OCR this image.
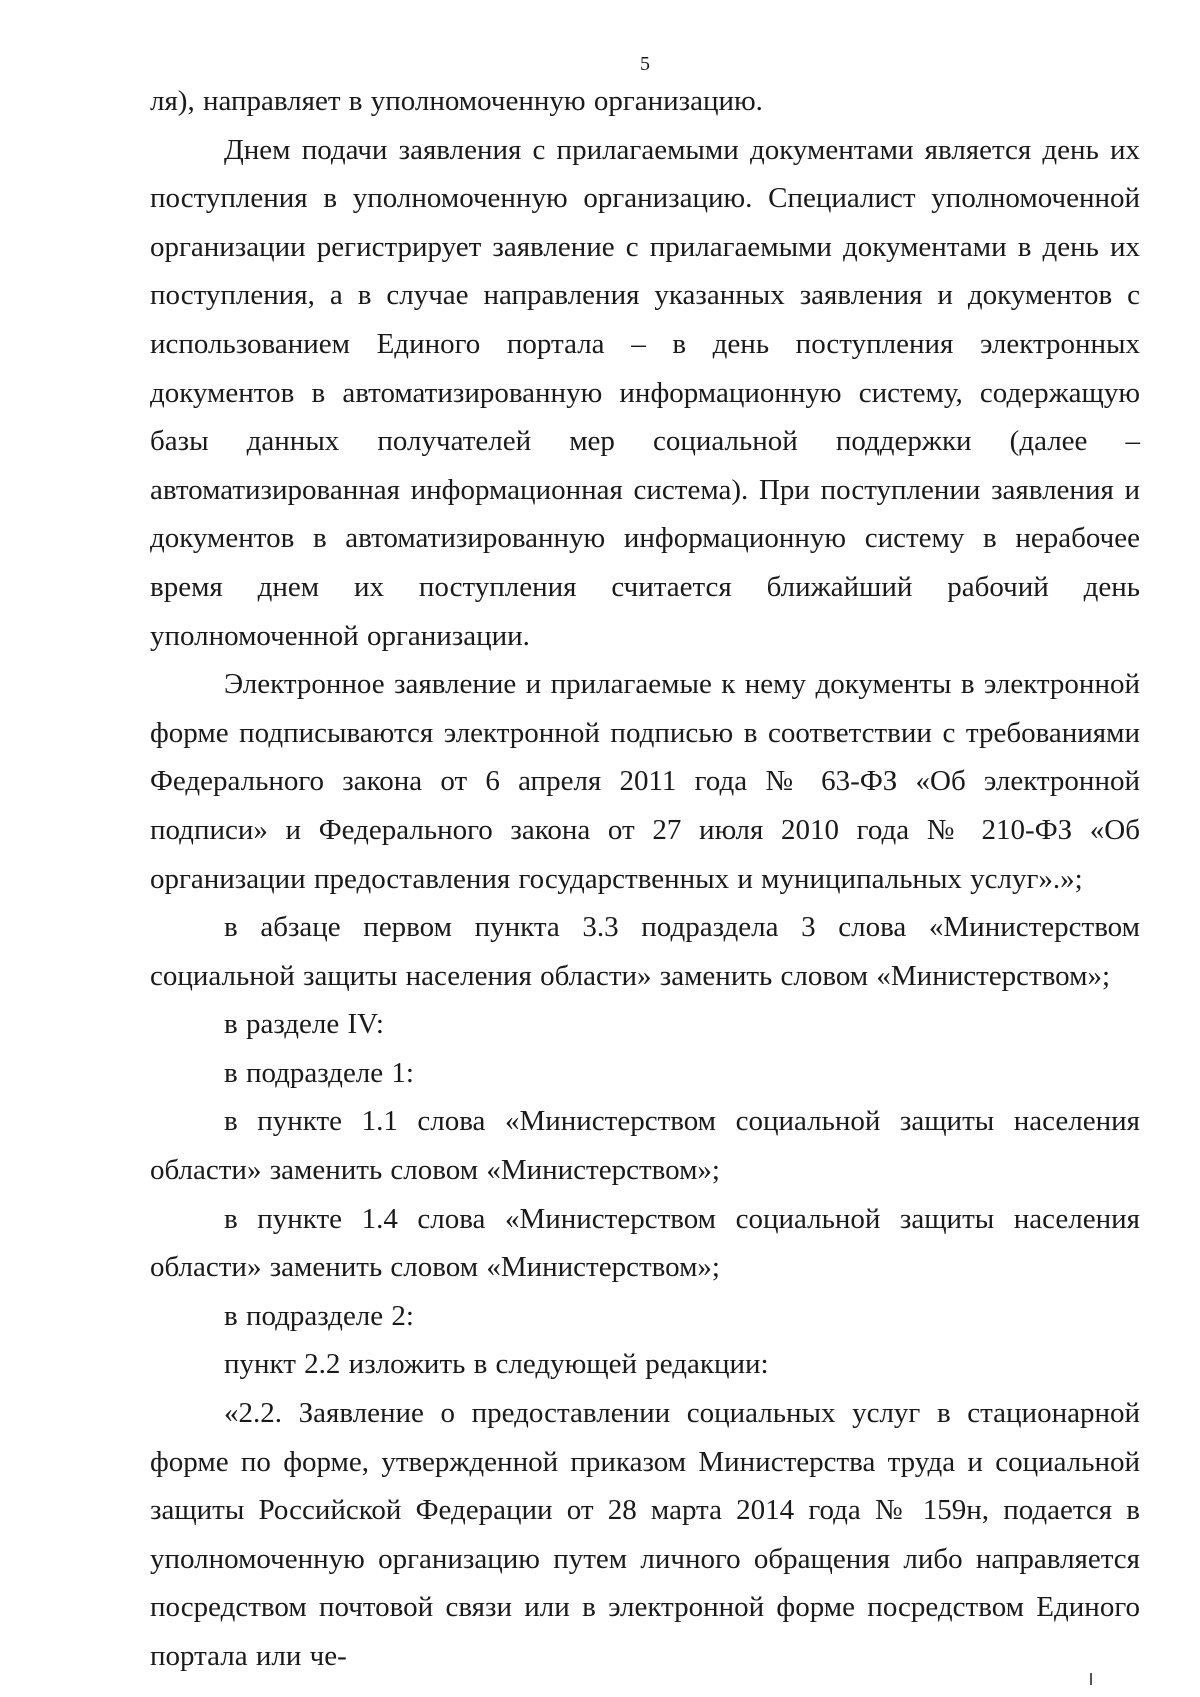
5

ля), направляет в уполномоченную организацию.

Днем подачи заявления с прилагаемыми документами является день их поступления в уполномоченную организацию. Специалист уполномоченной организации регистрирует заявление с прилагаемыми документами в день их поступления, а в случае направления указанных заявления и документов с использованием Единого портала – в день поступления электронных документов в автоматизированную информационную систему, содержащую базы данных получателей мер социальной поддержки (далее – автоматизированная информационная система). При поступлении заявления и документов в автоматизированную информационную систему в нерабочее время днем их поступления считается ближайший рабочий день уполномоченной организации.

Электронное заявление и прилагаемые к нему документы в электронной форме подписываются электронной подписью в соответствии с требованиями Федерального закона от 6 апреля 2011 года № 63-ФЗ «Об электронной подписи» и Федерального закона от 27 июля 2010 года № 210-ФЗ «Об организации предоставления государственных и муниципальных услуг».»;

в абзаце первом пункта 3.3 подраздела 3 слова «Министерством социальной защиты населения области» заменить словом «Министерством»;

в разделе IV:

в подразделе 1:

в пункте 1.1 слова «Министерством социальной защиты населения области» заменить словом «Министерством»;

в пункте 1.4 слова «Министерством социальной защиты населения области» заменить словом «Министерством»;

в подразделе 2:

пункт 2.2 изложить в следующей редакции:

«2.2. Заявление о предоставлении социальных услуг в стационарной форме по форме, утвержденной приказом Министерства труда и социальной защиты Российской Федерации от 28 марта 2014 года № 159н, подается в уполномоченную организацию путем личного обращения либо направляется посредством почтовой связи или в электронной форме посредством Единого портала или че-
